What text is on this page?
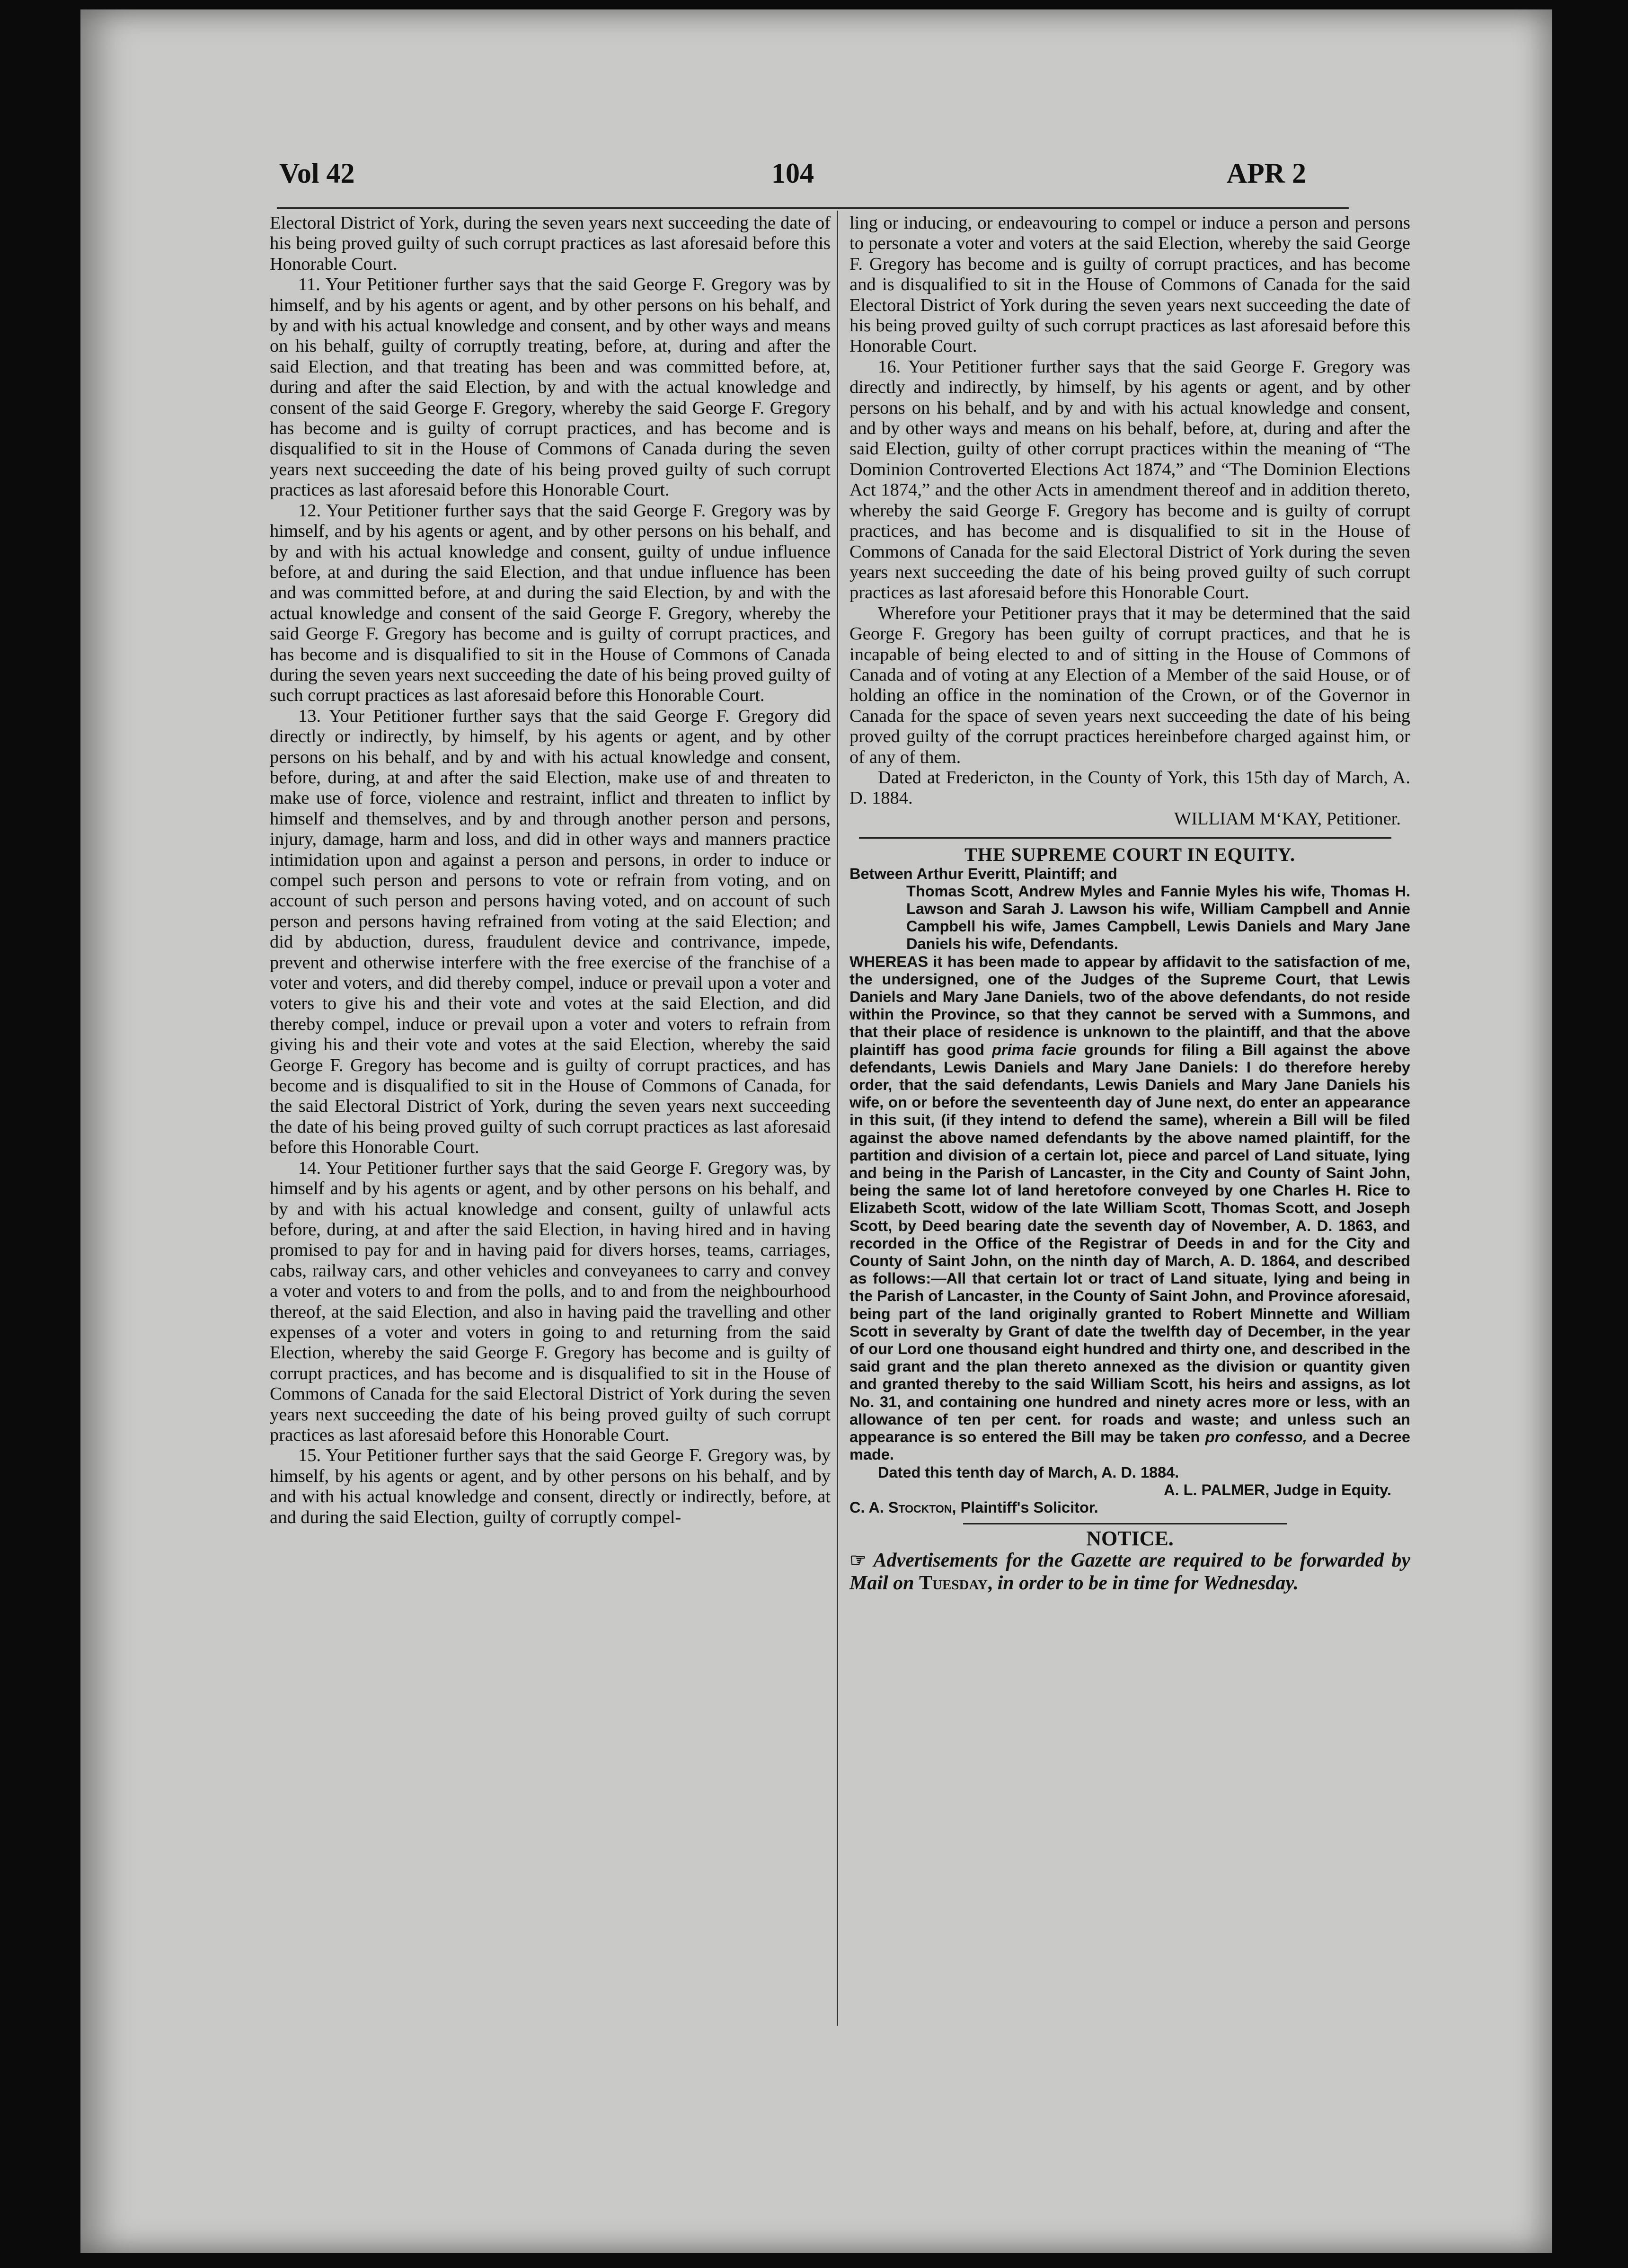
Vol 42	104	APR 2

Electoral District of York, during the seven years next succeeding the date of his being proved guilty of such corrupt practices as last aforesaid before this Honorable Court.

11. Your Petitioner further says that the said George F. Gregory was by himself, and by his agents or agent, and by other persons on his behalf, and by and with his actual knowledge and consent, and by other ways and means on his behalf, guilty of corruptly treating, before, at, during and after the said Election, and that treating has been and was committed before, at, during and after the said Election, by and with the actual knowledge and consent of the said George F. Gregory, whereby the said George F. Gregory has become and is guilty of corrupt practices, and has become and is disqualified to sit in the House of Commons of Canada during the seven years next succeeding the date of his being proved guilty of such corrupt practices as last aforesaid before this Honorable Court.

12. Your Petitioner further says that the said George F. Gregory was by himself, and by his agents or agent, and by other persons on his behalf, and by and with his actual knowledge and consent, guilty of undue influence before, at and during the said Election, and that undue influence has been and was committed before, at and during the said Election, by and with the actual knowledge and consent of the said George F. Gregory, whereby the said George F. Gregory has become and is guilty of corrupt practices, and has become and is disqualified to sit in the House of Commons of Canada during the seven years next succeeding the date of his being proved guilty of such corrupt practices as last aforesaid before this Honorable Court.

13. Your Petitioner further says that the said George F. Gregory did directly or indirectly, by himself, by his agents or agent, and by other persons on his behalf, and by and with his actual knowledge and consent, before, during, at and after the said Election, make use of and threaten to make use of force, violence and restraint, inflict and threaten to inflict by himself and themselves, and by and through another person and persons, injury, damage, harm and loss, and did in other ways and manners practice intimidation upon and against a person and persons, in order to induce or compel such person and persons to vote or refrain from voting, and on account of such person and persons having voted, and on account of such person and persons having refrained from voting at the said Election; and did by abduction, duress, fraudulent device and contrivance, impede, prevent and otherwise interfere with the free exercise of the franchise of a voter and voters, and did thereby compel, induce or prevail upon a voter and voters to give his and their vote and votes at the said Election, and did thereby compel, induce or prevail upon a voter and voters to refrain from giving his and their vote and votes at the said Election, whereby the said George F. Gregory has become and is guilty of corrupt practices, and has become and is disqualified to sit in the House of Commons of Canada, for the said Electoral District of York, during the seven years next succeeding the date of his being proved guilty of such corrupt practices as last aforesaid before this Honorable Court.

14. Your Petitioner further says that the said George F. Gregory was, by himself and by his agents or agent, and by other persons on his behalf, and by and with his actual knowledge and consent, guilty of unlawful acts before, during, at and after the said Election, in having hired and in having promised to pay for and in having paid for divers horses, teams, carriages, cabs, railway cars, and other vehicles and conveyanees to carry and convey a voter and voters to and from the polls, and to and from the neighbourhood thereof, at the said Election, and also in having paid the travelling and other expenses of a voter and voters in going to and returning from the said Election, whereby the said George F. Gregory has become and is guilty of corrupt practices, and has become and is disqualified to sit in the House of Commons of Canada for the said Electoral District of York during the seven years next succeeding the date of his being proved guilty of such corrupt practices as last aforesaid before this Honorable Court.

15. Your Petitioner further says that the said George F. Gregory was, by himself, by his agents or agent, and by other persons on his behalf, and by and with his actual knowledge and consent, directly or indirectly, before, at and during the said Election, guilty of corruptly compel-

ling or inducing, or endeavouring to compel or induce a person and persons to personate a voter and voters at the said Election, whereby the said George F. Gregory has become and is guilty of corrupt practices, and has become and is disqualified to sit in the House of Commons of Canada for the said Electoral District of York during the seven years next succeeding the date of his being proved guilty of such corrupt practices as last aforesaid before this Honorable Court.

16. Your Petitioner further says that the said George F. Gregory was directly and indirectly, by himself, by his agents or agent, and by other persons on his behalf, and by and with his actual knowledge and consent, and by other ways and means on his behalf, before, at, during and after the said Election, guilty of other corrupt practices within the meaning of “The Dominion Controverted Elections Act 1874,” and “The Dominion Elections Act 1874,” and the other Acts in amendment thereof and in addition thereto, whereby the said George F. Gregory has become and is guilty of corrupt practices, and has become and is disqualified to sit in the House of Commons of Canada for the said Electoral District of York during the seven years next succeeding the date of his being proved guilty of such corrupt practices as last aforesaid before this Honorable Court.

Wherefore your Petitioner prays that it may be determined that the said George F. Gregory has been guilty of corrupt practices, and that he is incapable of being elected to and of sitting in the House of Commons of Canada and of voting at any Election of a Member of the said House, or of holding an office in the nomination of the Crown, or of the Governor in Canada for the space of seven years next succeeding the date of his being proved guilty of the corrupt practices hereinbefore charged against him, or of any of them.

Dated at Fredericton, in the County of York, this 15th day of March, A. D. 1884.

WILLIAM M‘KAY, Petitioner.

THE SUPREME COURT IN EQUITY.

Between Arthur Everitt, Plaintiff; and

Thomas Scott, Andrew Myles and Fannie Myles his wife, Thomas H. Lawson and Sarah J. Lawson his wife, William Campbell and Annie Campbell his wife, James Campbell, Lewis Daniels and Mary Jane Daniels his wife, Defendants.

WHEREAS it has been made to appear by affidavit to the satisfaction of me, the undersigned, one of the Judges of the Supreme Court, that Lewis Daniels and Mary Jane Daniels, two of the above defendants, do not reside within the Province, so that they cannot be served with a Summons, and that their place of residence is unknown to the plaintiff, and that the above plaintiff has good prima facie grounds for filing a Bill against the above defendants, Lewis Daniels and Mary Jane Daniels: I do therefore hereby order, that the said defendants, Lewis Daniels and Mary Jane Daniels his wife, on or before the seventeenth day of June next, do enter an appearance in this suit, (if they intend to defend the same), wherein a Bill will be filed against the above named defendants by the above named plaintiff, for the partition and division of a certain lot, piece and parcel of Land situate, lying and being in the Parish of Lancaster, in the City and County of Saint John, being the same lot of land heretofore conveyed by one Charles H. Rice to Elizabeth Scott, widow of the late William Scott, Thomas Scott, and Joseph Scott, by Deed bearing date the seventh day of November, A. D. 1863, and recorded in the Office of the Registrar of Deeds in and for the City and County of Saint John, on the ninth day of March, A. D. 1864, and described as follows:—All that certain lot or tract of Land situate, lying and being in the Parish of Lancaster, in the County of Saint John, and Province aforesaid, being part of the land originally granted to Robert Minnette and William Scott in severalty by Grant of date the twelfth day of December, in the year of our Lord one thousand eight hundred and thirty one, and described in the said grant and the plan thereto annexed as the division or quantity given and granted thereby to the said William Scott, his heirs and assigns, as lot No. 31, and containing one hundred and ninety acres more or less, with an allowance of ten per cent. for roads and waste; and unless such an appearance is so entered the Bill may be taken pro confesso, and a Decree made.

Dated this tenth day of March, A. D. 1884.

A. L. PALMER, Judge in Equity.

C. A. Stockton, Plaintiff's Solicitor.

NOTICE.

☞ Advertisements for the Gazette are required to be forwarded by Mail on Tuesday, in order to be in time for Wednesday.
